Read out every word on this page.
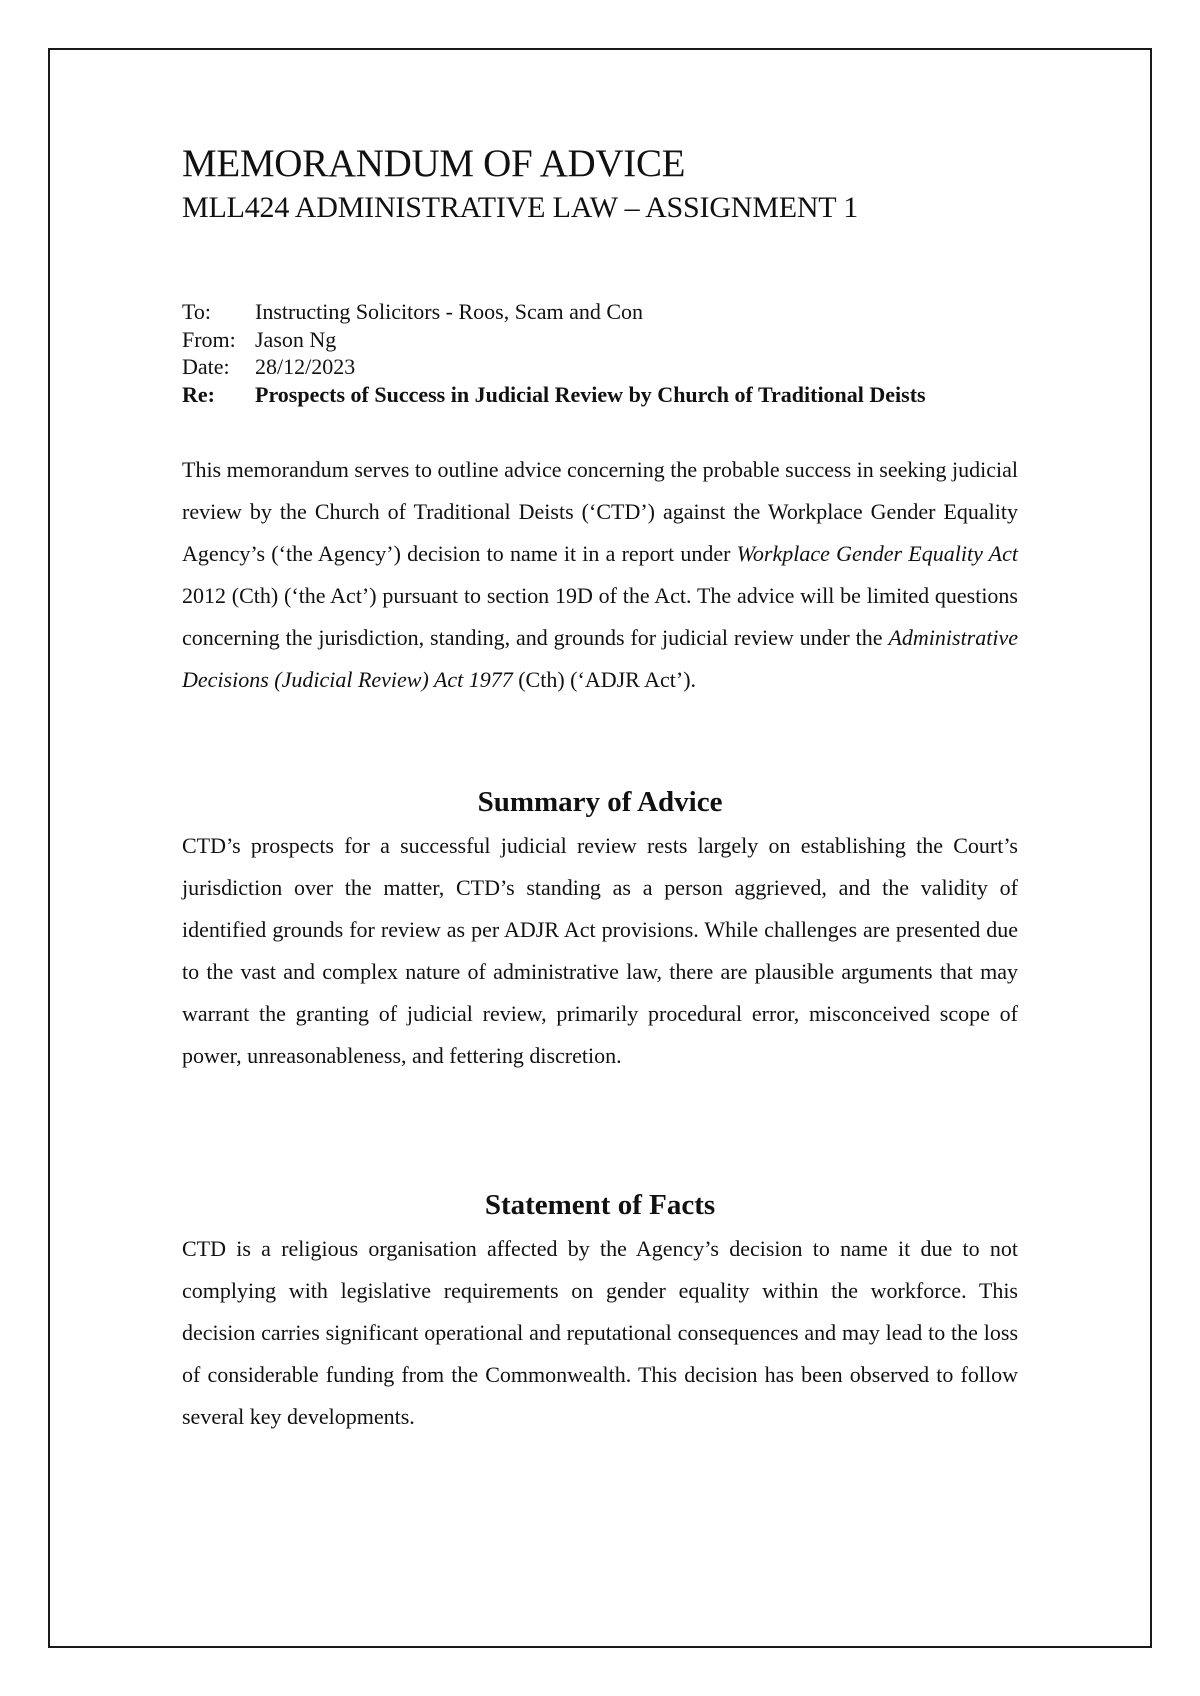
MEMORANDUM OF ADVICE
MLL424 ADMINISTRATIVE LAW – ASSIGNMENT 1
To:	Instructing Solicitors - Roos, Scam and Con
From: Jason Ng
Date:	28/12/2023
Re:	Prospects of Success in Judicial Review by Church of Traditional Deists

This memorandum serves to outline advice concerning the probable success in seeking judicial review by the Church of Traditional Deists (‘CTD’) against the Workplace Gender Equality Agency’s (‘the Agency’) decision to name it in a report under Workplace Gender Equality Act 2012 (Cth) (‘the Act’) pursuant to section 19D of the Act. The advice will be limited questions concerning the jurisdiction, standing, and grounds for judicial review under the Administrative Decisions (Judicial Review) Act 1977 (Cth) (‘ADJR Act’).

Summary of Advice

CTD’s prospects for a successful judicial review rests largely on establishing the Court’s jurisdiction over the matter, CTD’s standing as a person aggrieved, and the validity of identified grounds for review as per ADJR Act provisions. While challenges are presented due to the vast and complex nature of administrative law, there are plausible arguments that may warrant the granting of judicial review, primarily procedural error, misconceived scope of power, unreasonableness, and fettering discretion.

Statement of Facts

CTD is a religious organisation affected by the Agency’s decision to name it due to not complying with legislative requirements on gender equality within the workforce. This decision carries significant operational and reputational consequences and may lead to the loss of considerable funding from the Commonwealth. This decision has been observed to follow several key developments.
